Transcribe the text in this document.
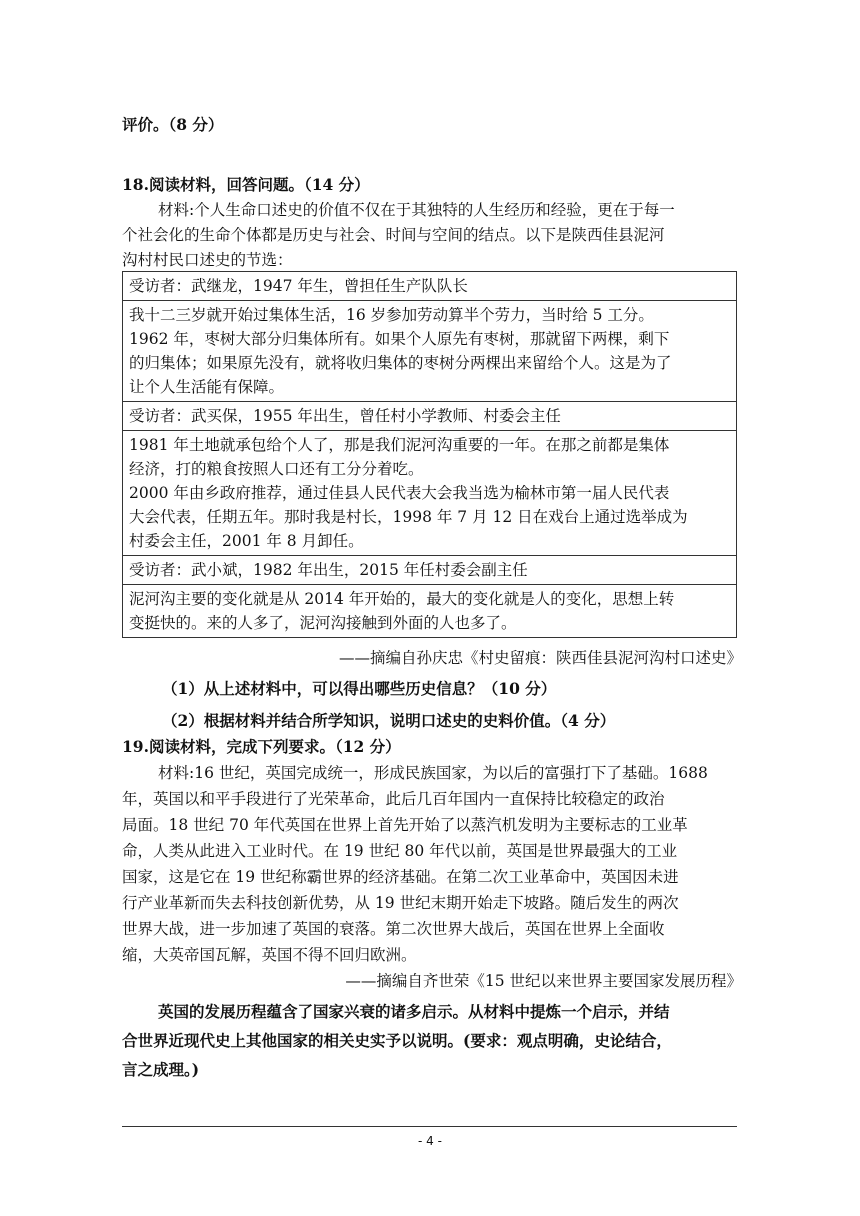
评价。（8 分）
18.阅读材料，回答问题。（14 分）
材料:个人生命口述史的价值不仅在于其独特的人生经历和经验，更在于每一
个社会化的生命个体都是历史与社会、时间与空间的结点。以下是陕西佳县泥河
沟村村民口述史的节选：
受访者：武继龙，1947 年生，曾担任生产队队长
我十二三岁就开始过集体生活，16 岁参加劳动算半个劳力，当时给 5 工分。
1962 年，枣树大部分归集体所有。如果个人原先有枣树，那就留下两棵，剩下
的归集体；如果原先没有，就将收归集体的枣树分两棵出来留给个人。这是为了
让个人生活能有保障。
受访者：武买保，1955 年出生，曾任村小学教师、村委会主任
1981 年土地就承包给个人了，那是我们泥河沟重要的一年。在那之前都是集体
经济，打的粮食按照人口还有工分分着吃。
2000 年由乡政府推荐，通过佳县人民代表大会我当选为榆林市第一届人民代表
大会代表，任期五年。那时我是村长，1998 年 7 月 12 日在戏台上通过选举成为
村委会主任，2001 年 8 月卸任。
受访者：武小斌，1982 年出生，2015 年任村委会副主任
泥河沟主要的变化就是从 2014 年开始的，最大的变化就是人的变化，思想上转
变挺快的。来的人多了，泥河沟接触到外面的人也多了。
——摘编自孙庆忠《村史留痕：陕西佳县泥河沟村口述史》
（1）从上述材料中，可以得出哪些历史信息？（10 分）
（2）根据材料并结合所学知识，说明口述史的史料价值。（4 分）
19.阅读材料，完成下列要求。（12 分）
材料:16 世纪，英国完成统一，形成民族国家，为以后的富强打下了基础。1688
年，英国以和平手段进行了光荣革命，此后几百年国内一直保持比较稳定的政治
局面。18 世纪 70 年代英国在世界上首先开始了以蒸汽机发明为主要标志的工业革
命，人类从此进入工业时代。在 19 世纪 80 年代以前，英国是世界最强大的工业
国家，这是它在 19 世纪称霸世界的经济基础。在第二次工业革命中，英国因未进
行产业革新而失去科技创新优势，从 19 世纪末期开始走下坡路。随后发生的两次
世界大战，进一步加速了英国的衰落。第二次世界大战后，英国在世界上全面收
缩，大英帝国瓦解，英国不得不回归欧洲。
——摘编自齐世荣《15 世纪以来世界主要国家发展历程》
英国的发展历程蕴含了国家兴衰的诸多启示。从材料中提炼一个启示，并结
合世界近现代史上其他国家的相关史实予以说明。(要求：观点明确，史论结合，
言之成理。)
- 4 -
